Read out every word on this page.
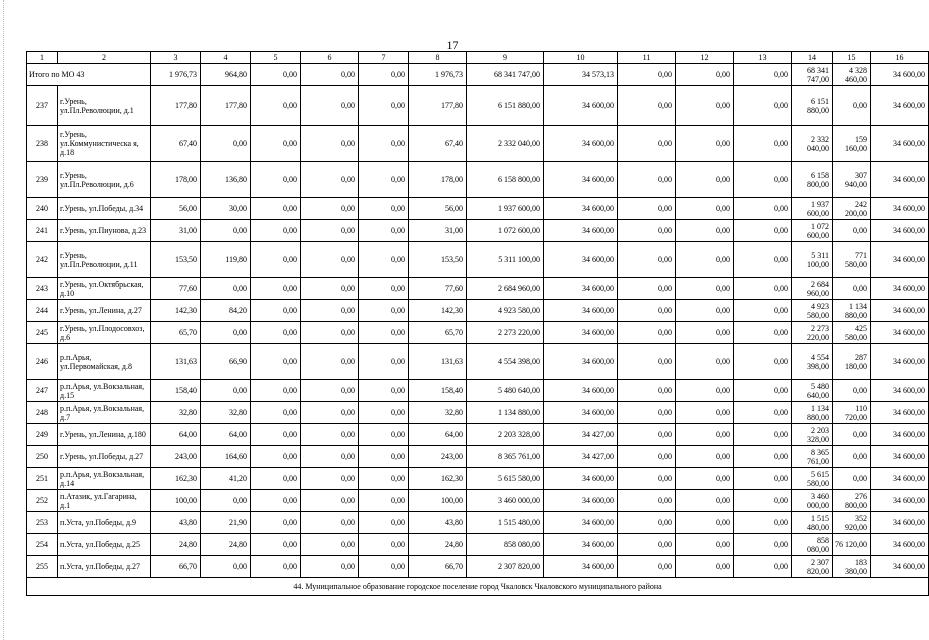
17
1	2	3	4	5	6	7	8	9	10	11	12	13	14	15	16
Итого по МО 43		1 976,73	964,80	0,00	0,00	0,00	1 976,73	68 341 747,00	34 573,13	0,00	0,00	0,00	68 341 747,00	4 328 460,00	34 600,00
237	г.Урень, ул.Пл.Революции, д.1	177,80	177,80	0,00	0,00	0,00	177,80	6 151 880,00	34 600,00	0,00	0,00	0,00	6 151 880,00	0,00	34 600,00
238	г.Урень, ул.Коммунистическа я, д.18	67,40	0,00	0,00	0,00	0,00	67,40	2 332 040,00	34 600,00	0,00	0,00	0,00	2 332 040,00	159 160,00	34 600,00
239	г.Урень, ул.Пл.Революции, д.6	178,00	136,80	0,00	0,00	0,00	178,00	6 158 800,00	34 600,00	0,00	0,00	0,00	6 158 800,00	307 940,00	34 600,00
240	г.Урень, ул.Победы, д.34	56,00	30,00	0,00	0,00	0,00	56,00	1 937 600,00	34 600,00	0,00	0,00	0,00	1 937 600,00	242 200,00	34 600,00
241	г.Урень, ул.Пиунова, д.23	31,00	0,00	0,00	0,00	0,00	31,00	1 072 600,00	34 600,00	0,00	0,00	0,00	1 072 600,00	0,00	34 600,00
242	г.Урень, ул.Пл.Революции, д.11	153,50	119,80	0,00	0,00	0,00	153,50	5 311 100,00	34 600,00	0,00	0,00	0,00	5 311 100,00	771 580,00	34 600,00
243	г.Урень, ул.Октябрьская, д.10	77,60	0,00	0,00	0,00	0,00	77,60	2 684 960,00	34 600,00	0,00	0,00	0,00	2 684 960,00	0,00	34 600,00
244	г.Урень, ул.Ленина, д.27	142,30	84,20	0,00	0,00	0,00	142,30	4 923 580,00	34 600,00	0,00	0,00	0,00	4 923 580,00	1 134 880,00	34 600,00
245	г.Урень, ул.Плодосовхоз, д.6	65,70	0,00	0,00	0,00	0,00	65,70	2 273 220,00	34 600,00	0,00	0,00	0,00	2 273 220,00	425 580,00	34 600,00
246	р.п.Арья, ул.Первомайская, д.8	131,63	66,90	0,00	0,00	0,00	131,63	4 554 398,00	34 600,00	0,00	0,00	0,00	4 554 398,00	287 180,00	34 600,00
247	р.п.Арья, ул.Вокзальная, д.15	158,40	0,00	0,00	0,00	0,00	158,40	5 480 640,00	34 600,00	0,00	0,00	0,00	5 480 640,00	0,00	34 600,00
248	р.п.Арья, ул.Вокзальная, д.7	32,80	32,80	0,00	0,00	0,00	32,80	1 134 880,00	34 600,00	0,00	0,00	0,00	1 134 880,00	110 720,00	34 600,00
249	г.Урень, ул.Ленина, д.180	64,00	64,00	0,00	0,00	0,00	64,00	2 203 328,00	34 427,00	0,00	0,00	0,00	2 203 328,00	0,00	34 600,00
250	г.Урень, ул.Победы, д.27	243,00	164,60	0,00	0,00	0,00	243,00	8 365 761,00	34 427,00	0,00	0,00	0,00	8 365 761,00	0,00	34 600,00
251	р.п.Арья, ул.Вокзальная, д.14	162,30	41,20	0,00	0,00	0,00	162,30	5 615 580,00	34 600,00	0,00	0,00	0,00	5 615 580,00	0,00	34 600,00
252	п.Атазик, ул.Гагарина, д.1	100,00	0,00	0,00	0,00	0,00	100,00	3 460 000,00	34 600,00	0,00	0,00	0,00	3 460 000,00	276 800,00	34 600,00
253	п.Уста, ул.Победы, д.9	43,80	21,90	0,00	0,00	0,00	43,80	1 515 480,00	34 600,00	0,00	0,00	0,00	1 515 480,00	352 920,00	34 600,00
254	п.Уста, ул.Победы, д.25	24,80	24,80	0,00	0,00	0,00	24,80	858 080,00	34 600,00	0,00	0,00	0,00	858 080,00	76 120,00	34 600,00
255	п.Уста, ул.Победы, д.27	66,70	0,00	0,00	0,00	0,00	66,70	2 307 820,00	34 600,00	0,00	0,00	0,00	2 307 820,00	183 380,00	34 600,00
44. Муниципальное образование городское поселение город Чкаловск Чкаловского муниципального района															
